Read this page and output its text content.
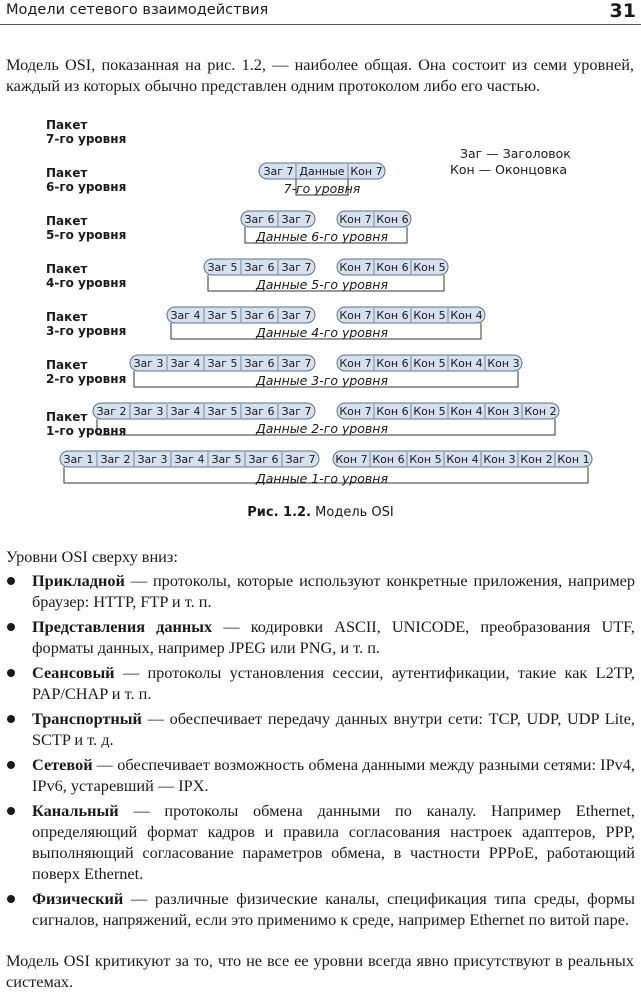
Модели сетевого взаимодействия	31

Модель OSI, показанная на рис. 1.2, — наиболее общая. Она состоит из семи уровней, каждый из которых обычно представлен одним протоколом либо его частью.

Заг — Заголовок
Кон — Оконцовка
Пакет
7-го уровня
Заг 7 Данные Кон 7
7-го уровня
Пакет
6-го уровня
Заг 6 Заг 7	Кон 7 Кон 6
Данные 6-го уровня
Пакет
5-го уровня
Заг 5 Заг 6 Заг 7	Кон 7 Кон 6 Кон 5
Данные 5-го уровня
Пакет
4-го уровня
Заг 4 Заг 5 Заг 6 Заг 7	Кон 7 Кон 6 Кон 5 Кон 4
Данные 4-го уровня
Пакет
3-го уровня
Заг 3 Заг 4 Заг 5 Заг 6 Заг 7	Кон 7 Кон 6 Кон 5 Кон 4 Кон 3
Данные 3-го уровня
Пакет
2-го уровня
Заг 2 Заг 3 Заг 4 Заг 5 Заг 6 Заг 7	Кон 7 Кон 6 Кон 5 Кон 4 Кон 3 Кон 2
Данные 2-го уровня
Пакет
1-го уровня
Заг 1 Заг 2 Заг 3 Заг 4 Заг 5 Заг 6 Заг 7 Кон 7 Кон 6 Кон 5 Кон 4 Кон 3 Кон 2 Кон 1
Данные 1-го уровня
Рис. 1.2. Модель OSI

Уровни OSI сверху вниз:

Прикладной — протоколы, которые используют конкретные приложения, например браузер: HTTP, FTP и т. п.
Представления данных — кодировки ASCII, UNICODE, преобразования UTF, форматы данных, например JPEG или PNG, и т. п.
Сеансовый — протоколы установления сессии, аутентификации, такие как L2TP, PAP/CHAP и т. п.
Транспортный — обеспечивает передачу данных внутри сети: TCP, UDP, UDP Lite, SCTP и т. д.
Сетевой — обеспечивает возможность обмена данными между разными сетями: IPv4, IPv6, устаревший — IPX.
Канальный — протоколы обмена данными по каналу. Например Ethernet, определяющий формат кадров и правила согласования настроек адаптеров, PPP, выполняющий согласование параметров обмена, в частности PPPoE, работающий поверх Ethernet.
Физический — различные физические каналы, спецификация типа среды, формы сигналов, напряжений, если это применимо к среде, например Ethernet по витой паре.

Модель OSI критикуют за то, что не все ее уровни всегда явно присутствуют в реальных системах.
